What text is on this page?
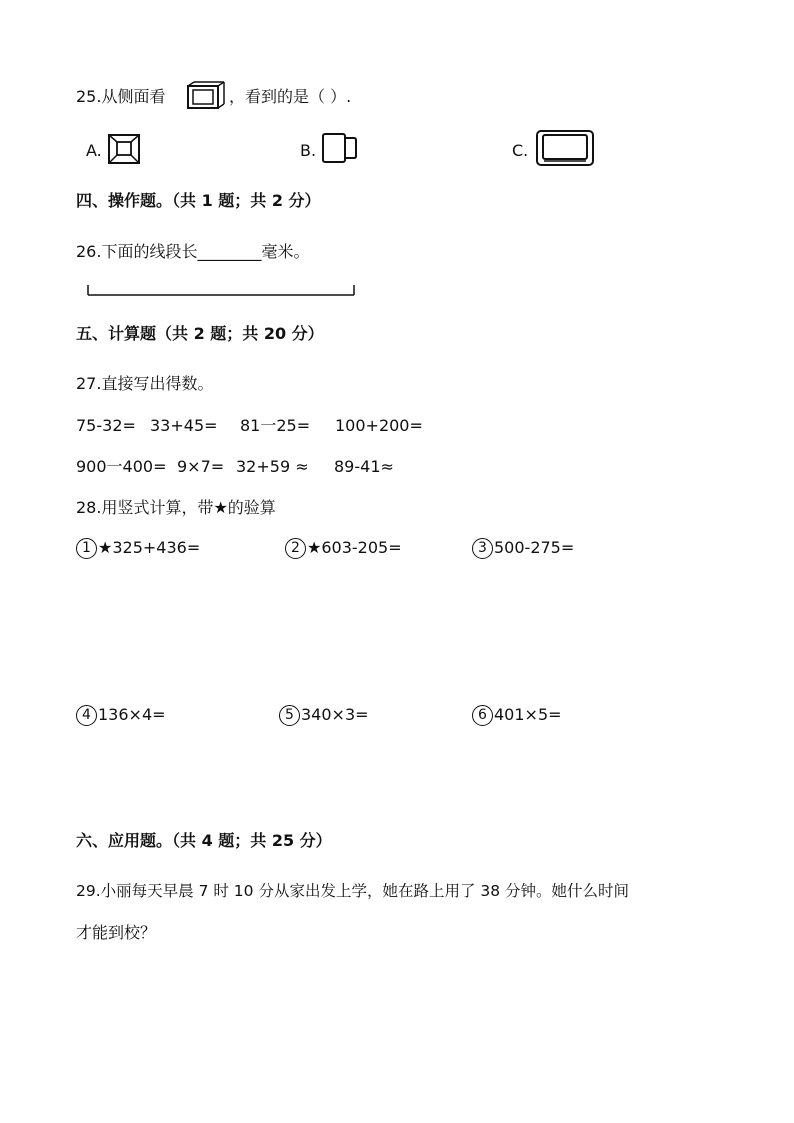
25.从侧面看	，看到的是（ ）.
A.	B.	C.
四、操作题。（共 1 题；共 2 分）
26.下面的线段长________毫米。
五、计算题（共 2 题；共 20 分）
27.直接写出得数。
75-32= 33+45= 81一25= 100+200=
900一400= 9×7= 32+59 ≈ 89-41≈
28.用竖式计算，带★的验算
1 ★325+436=	2 ★603-205=	3 500-275=
4 136×4=	5 340×3=	6 401×5=
六、应用题。（共 4 题；共 25 分）
29.小丽每天早晨 7 时 10 分从家出发上学，她在路上用了 38 分钟。她什么时间
才能到校？
